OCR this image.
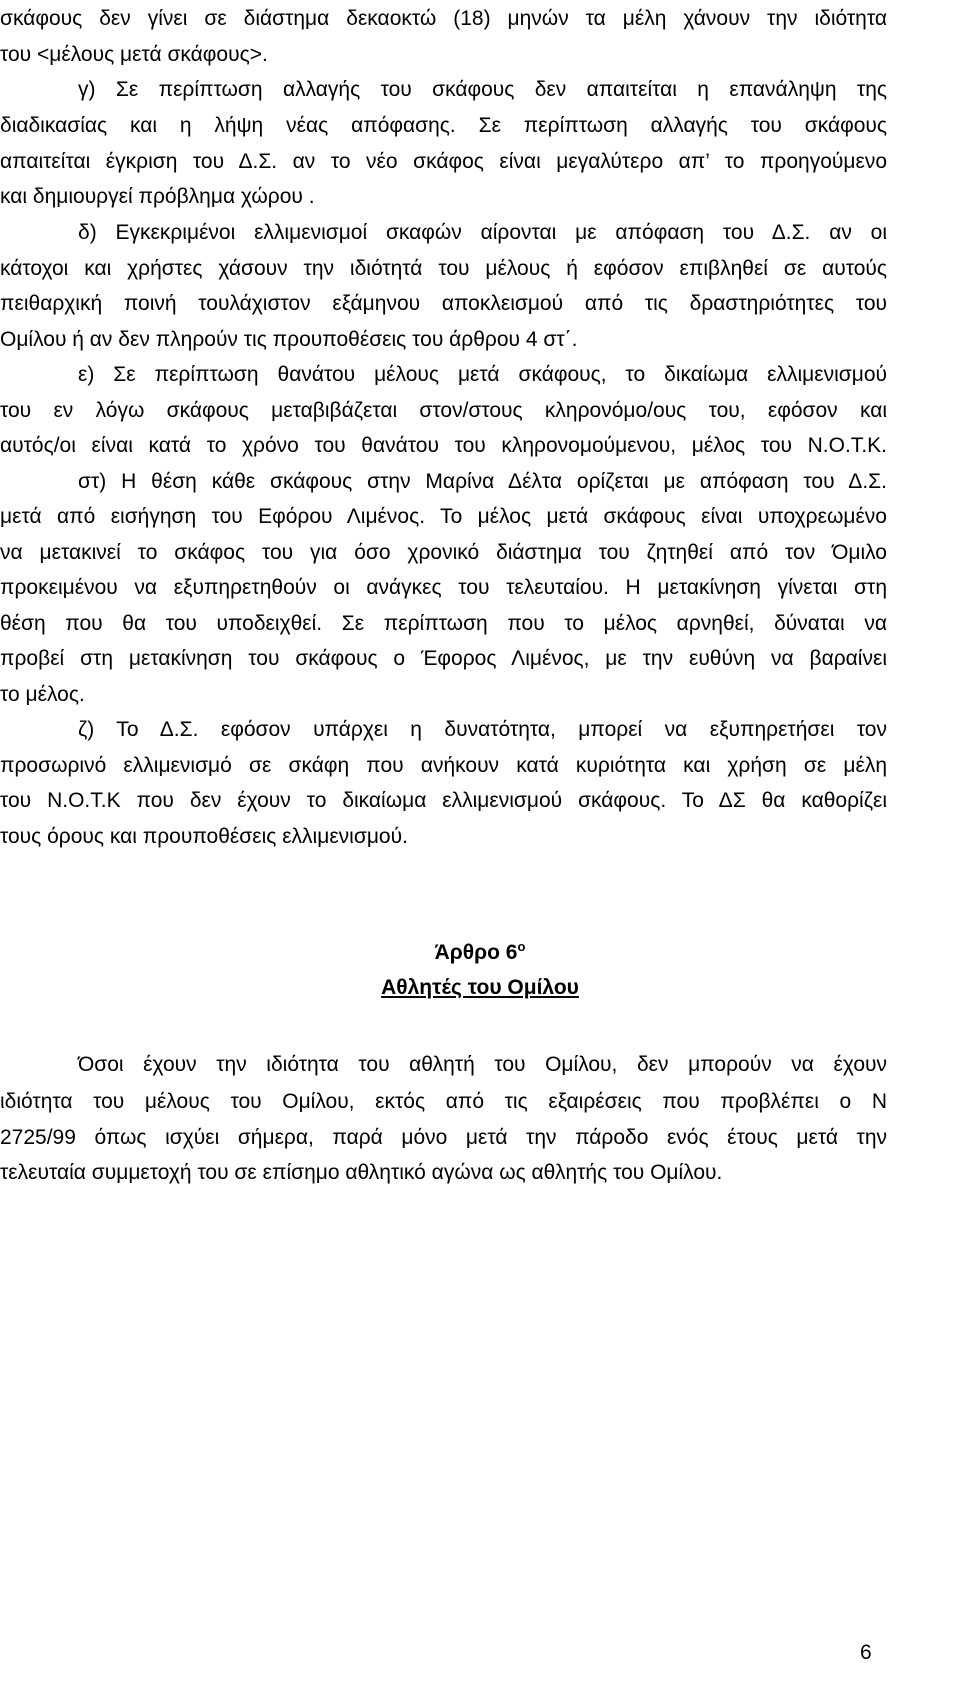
σκάφους δεν γίνει σε διάστημα δεκαοκτώ (18) μηνών τα μέλη χάνουν την ιδιότητα
του <μέλους μετά σκάφους>.
γ) Σε περίπτωση αλλαγής του σκάφους δεν απαιτείται η επανάληψη της
διαδικασίας και η λήψη νέας απόφασης. Σε περίπτωση αλλαγής του σκάφους
απαιτείται έγκριση του Δ.Σ. αν το νέο σκάφος είναι μεγαλύτερο απ’ το προηγούμενο
και δημιουργεί πρόβλημα χώρου .
δ) Εγκεκριμένοι ελλιμενισμοί σκαφών αίρονται με απόφαση του Δ.Σ. αν οι
κάτοχοι και χρήστες χάσουν την ιδιότητά του μέλους ή εφόσον επιβληθεί σε αυτούς
πειθαρχική ποινή τουλάχιστον εξάμηνου αποκλεισμού από τις δραστηριότητες του
Ομίλου ή αν δεν πληρούν τις προυποθέσεις του άρθρου 4 στ΄.
ε) Σε περίπτωση θανάτου μέλους μετά σκάφους, το δικαίωμα ελλιμενισμού
του εν λόγω σκάφους μεταβιβάζεται στον/στους κληρονόμο/ους του, εφόσον και
αυτός/οι είναι κατά το χρόνο του θανάτου του κληρονομούμενου, μέλος του Ν.Ο.Τ.Κ.
στ) Η θέση κάθε σκάφους στην Μαρίνα Δέλτα ορίζεται με απόφαση του Δ.Σ.
μετά από εισήγηση του Εφόρου Λιμένος. Το μέλος μετά σκάφους είναι υποχρεωμένο
να μετακινεί το σκάφος του για όσο χρονικό διάστημα του ζητηθεί από τον Όμιλο
προκειμένου να εξυπηρετηθούν οι ανάγκες του τελευταίου. Η μετακίνηση γίνεται στη
θέση που θα του υποδειχθεί. Σε περίπτωση που το μέλος αρνηθεί, δύναται να
προβεί στη μετακίνηση του σκάφους ο Έφορος Λιμένος, με την ευθύνη να βαραίνει
το μέλος.
ζ) Το Δ.Σ. εφόσον υπάρχει η δυνατότητα, μπορεί να εξυπηρετήσει τον
προσωρινό ελλιμενισμό σε σκάφη που ανήκουν κατά κυριότητα και χρήση σε μέλη
του Ν.Ο.Τ.Κ που δεν έχουν το δικαίωμα ελλιμενισμού σκάφους. Το ΔΣ θα καθορίζει
τους όρους και προυποθέσεις ελλιμενισμού.
Άρθρο $6^o$
Αθλητές του Ομίλου
Όσοι έχουν την ιδιότητα του αθλητή του Ομίλου, δεν μπορούν να έχουν
ιδιότητα του μέλους του Ομίλου, εκτός από τις εξαιρέσεις που προβλέπει ο Ν
2725/99 όπως ισχύει σήμερα, παρά μόνο μετά την πάροδο ενός έτους μετά την
τελευταία συμμετοχή του σε επίσημο αθλητικό αγώνα ως αθλητής του Ομίλου.
6
